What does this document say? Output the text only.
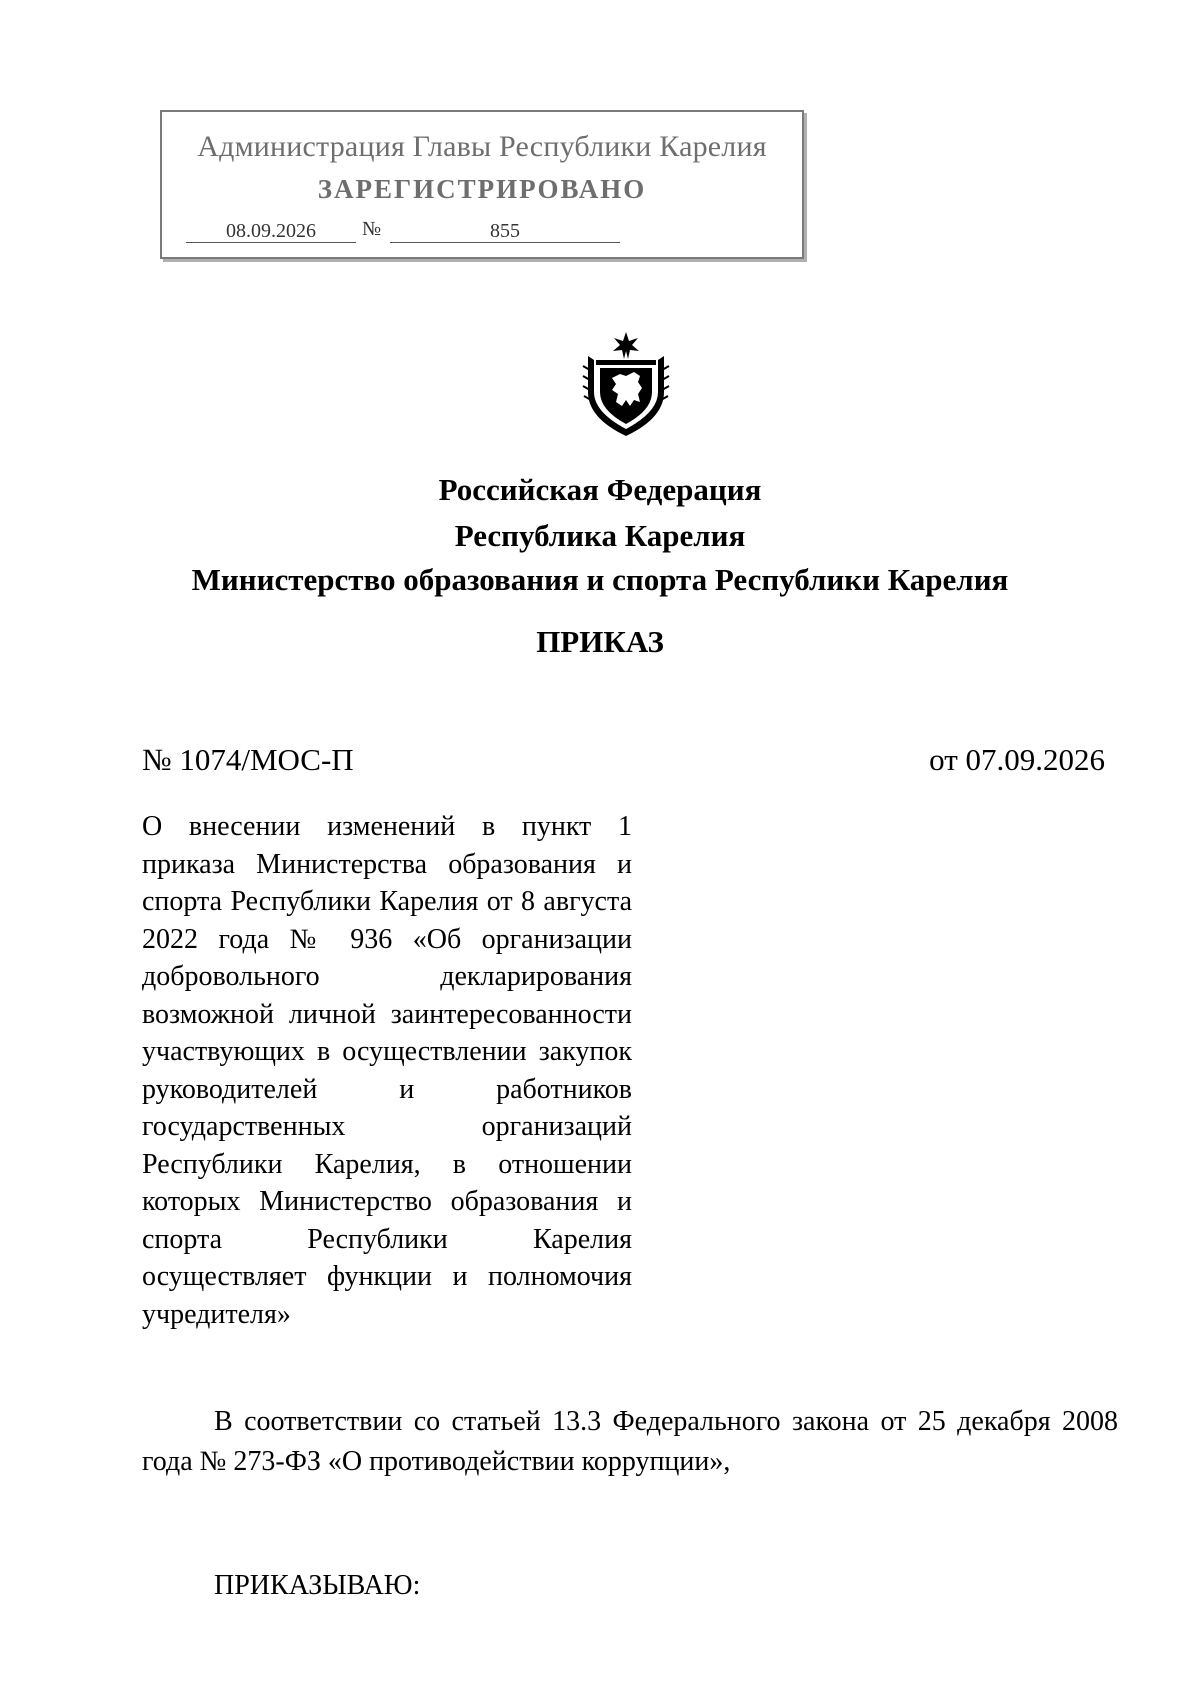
Администрация Главы Республики Карелия
ЗАРЕГИСТРИРОВАНО
08.09.2026	№	855
Российская Федерация
Республика Карелия
Министерство образования и спорта Республики Карелия
ПРИКАЗ
№ 1074/МОС-П	от 07.09.2026
О внесении изменений в пункт 1 приказа Министерства образования и спорта Республики Карелия от 8 августа 2022 года № 936 «Об организации добровольного декларирования возможной личной заинтересованности участвующих в осуществлении закупок руководителей и работников государственных организаций Республики Карелия, в отношении которых Министерство образования и спорта Республики Карелия осуществляет функции и полномочия учредителя»
В соответствии со статьей 13.3 Федерального закона от 25 декабря 2008 года № 273-ФЗ «О противодействии коррупции»,
ПРИКАЗЫВАЮ:
